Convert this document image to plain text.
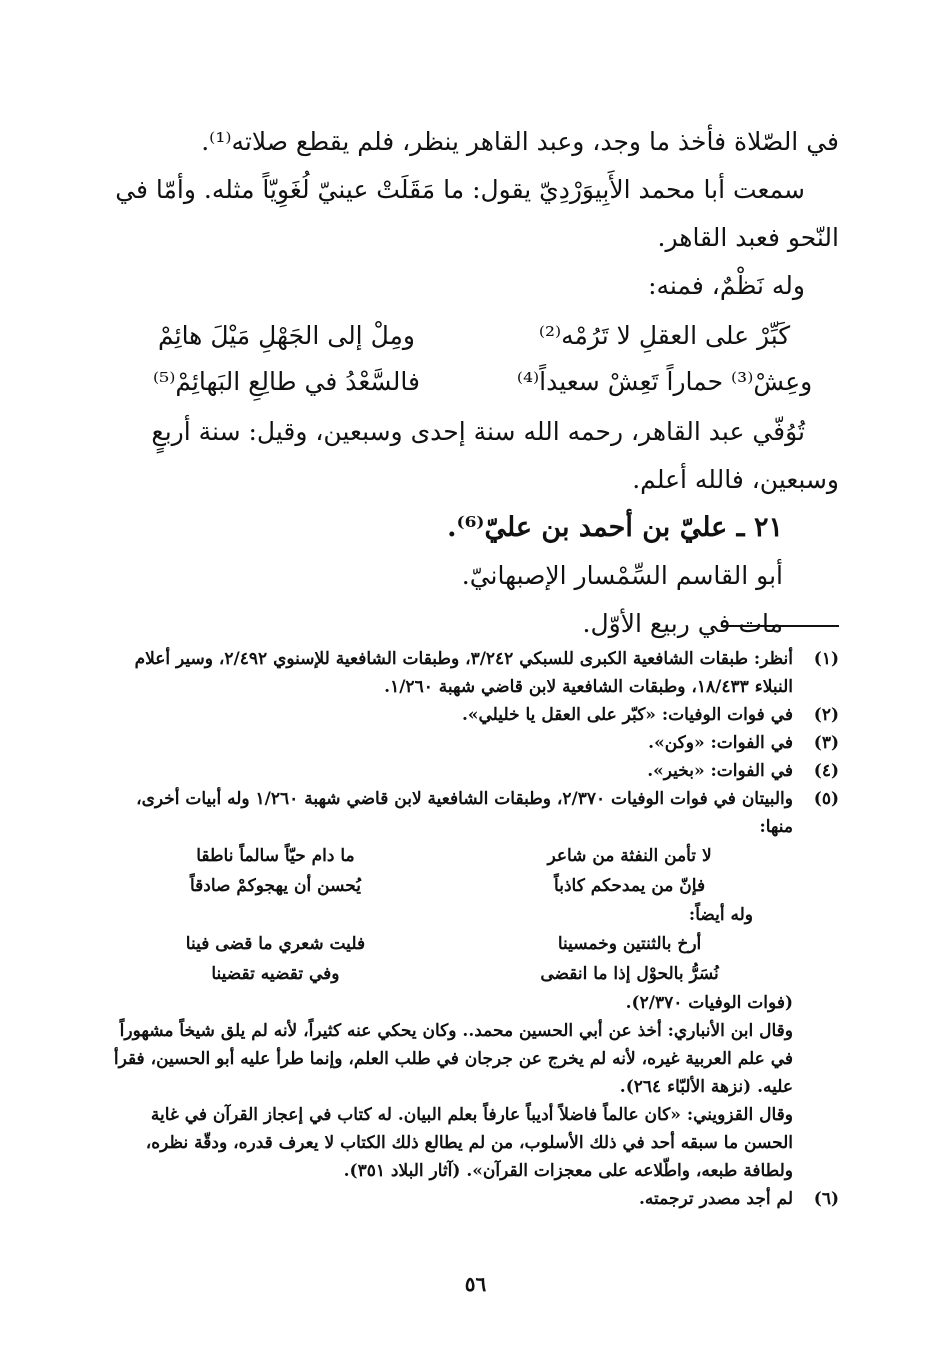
في الصّلاة فأخذ ما وجد، وعبد القاهر ينظر، فلم يقطع صلاته⁽¹⁾.

سمعت أبا محمد الأَبِيوَرْدِيّ يقول: ما مَقَلَتْ عينيّ لُغَوِيّاً مثله. وأمّا في النّحو فعبد القاهر.

وله نَظْمٌ، فمنه:

كَبِّرْ على العقلِ لا تَرُمْه⁽²⁾
ومِلْ إلى الجَهْلِ مَيْلَ هائِمْ
وعِشْ⁽³⁾ حماراً تَعِشْ سعيداً⁽⁴⁾
فالسَّعْدُ في طالِعِ البَهائِمْ⁽⁵⁾

تُوُفّي عبد القاهر، رحمه الله سنة إحدى وسبعين، وقيل: سنة أربعٍ وسبعين، فالله أعلم.

٢١ ـ عليّ بن أحمد بن عليّ⁽⁶⁾.

أبو القاسم السِّمْسار الإصبهانيّ.

مات في ربيع الأوّل.

(١)

أنظر: طبقات الشافعية الكبرى للسبكي ٣/٢٤٢، وطبقات الشافعية للإسنوي ٢/٤٩٢، وسير أعلام النبلاء ١٨/٤٣٣، وطبقات الشافعية لابن قاضي شهبة ١/٢٦٠.

(٢)

في فوات الوفيات: «كبّر على العقل يا خليلي».

(٣)

في الفوات: «وكن».

(٤)

في الفوات: «بخير».

(٥)

والبيتان في فوات الوفيات ٢/٣٧٠، وطبقات الشافعية لابن قاضي شهبة ١/٢٦٠ وله أبيات أخرى، منها:

لا تأمن النفثة من شاعر
ما دام حيّاً سالماً ناطقا
فإنّ من يمدحكم كاذباً
يُحسن أن يهجوكمْ صادقاً

وله أيضاً:

أرخ بالثنتين وخمسينا
فليت شعري ما قضى فينا
نُسَرُّ بالحوْل إذا ما انقضى
وفي تقضيه تقضينا

(فوات الوفيات ٢/٣٧٠).

وقال ابن الأنباري: أخذ عن أبي الحسين محمد.. وكان يحكي عنه كثيراً، لأنه لم يلق شيخاً مشهوراً في علم العربية غيره، لأنه لم يخرج عن جرجان في طلب العلم، وإنما طرأ عليه أبو الحسين، فقرأ عليه. (نزهة الألبّاء ٢٦٤).

وقال القزويني: «كان عالماً فاضلاً أديباً عارفاً بعلم البيان. له كتاب في إعجاز القرآن في غاية الحسن ما سبقه أحد في ذلك الأسلوب، من لم يطالع ذلك الكتاب لا يعرف قدره، ودقّة نظره، ولطافة طبعه، واطّلاعه على معجزات القرآن». (آثار البلاد ٣٥١).

(٦)

لم أجد مصدر ترجمته.

٥٦
